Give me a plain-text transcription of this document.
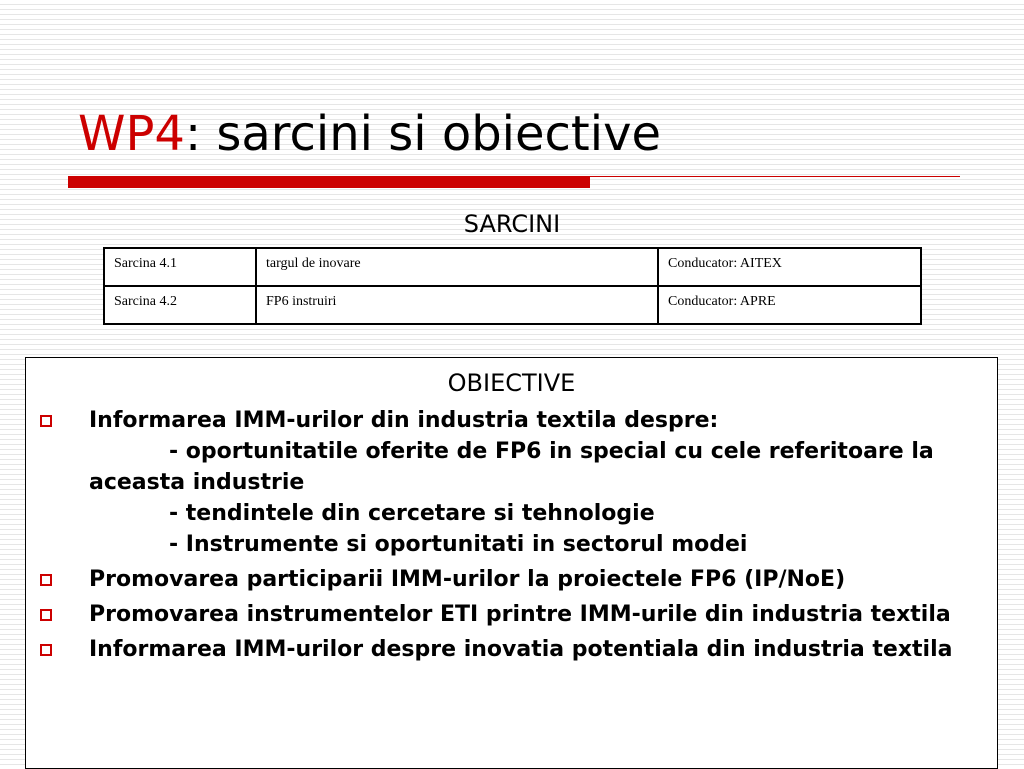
WP4: sarcini si obiective
SARCINI
Sarcina 4.1	targul de inovare	Conducator: AITEX
Sarcina 4.2	FP6 instruiri	Conducator: APRE
OBIECTIVE
Informarea IMM-urilor din industria textila despre:
- oportunitatile oferite de FP6 in special cu cele referitoare la aceasta industrie
- tendintele din cercetare si tehnologie
- Instrumente si oportunitati in sectorul modei
Promovarea participarii IMM-urilor la proiectele FP6 (IP/NoE)
Promovarea instrumentelor ETI printre IMM-urile din industria textila
Informarea IMM-urilor despre inovatia potentiala din industria textila
